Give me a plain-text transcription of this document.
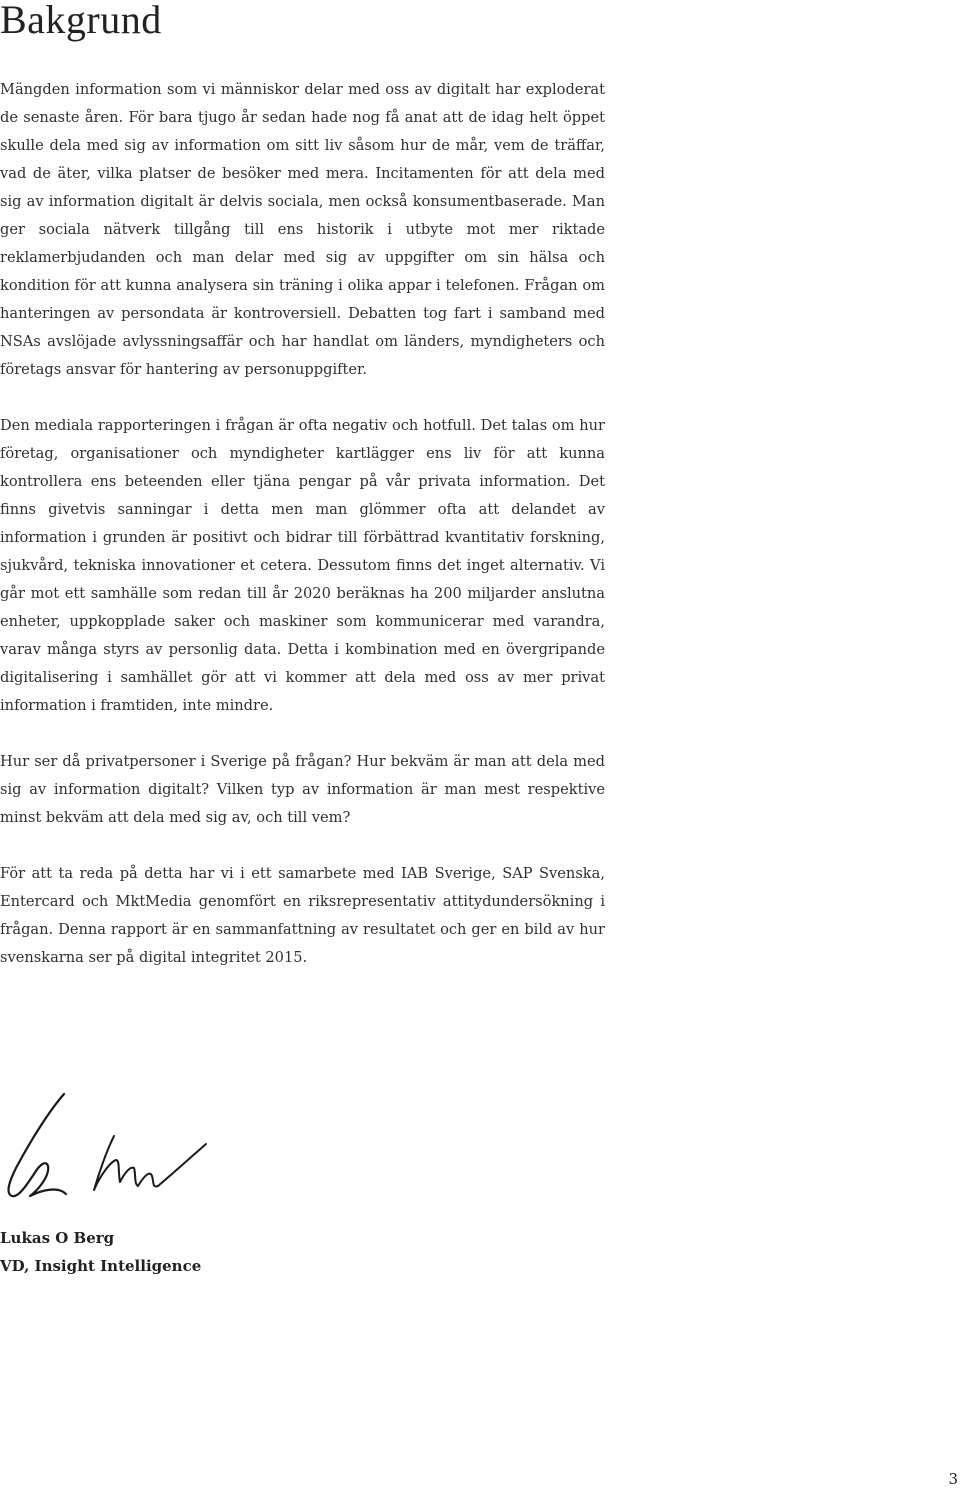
Bakgrund

Mängden information som vi människor delar med oss av digitalt har exploderat de senaste åren. För bara tjugo år sedan hade nog få anat att de idag helt öppet skulle dela med sig av information om sitt liv såsom hur de mår, vem de träffar, vad de äter, vilka platser de besöker med mera. Incitamenten för att dela med sig av information digitalt är delvis sociala, men också konsumentbaserade. Man ger sociala nätverk tillgång till ens historik i utbyte mot mer riktade reklamerbjudanden och man delar med sig av uppgifter om sin hälsa och kondition för att kunna analysera sin träning i olika appar i telefonen. Frågan om hanteringen av persondata är kontroversiell. Debatten tog fart i samband med NSAs avslöjade avlyssningsaffär och har handlat om länders, myndigheters och företags ansvar för hantering av personuppgifter.

Den mediala rapporteringen i frågan är ofta negativ och hotfull. Det talas om hur företag, organisationer och myndigheter kartlägger ens liv för att kunna kontrollera ens beteenden eller tjäna pengar på vår privata information. Det finns givetvis sanningar i detta men man glömmer ofta att delandet av information i grunden är positivt och bidrar till förbättrad kvantitativ forskning, sjukvård, tekniska innovationer et cetera. Dessutom finns det inget alternativ. Vi går mot ett samhälle som redan till år 2020 beräknas ha 200 miljarder anslutna enheter, uppkopplade saker och maskiner som kommunicerar med varandra, varav många styrs av personlig data. Detta i kombination med en övergripande digitalisering i samhället gör att vi kommer att dela med oss av mer privat information i framtiden, inte mindre.

Hur ser då privatpersoner i Sverige på frågan? Hur bekväm är man att dela med sig av information digitalt? Vilken typ av information är man mest respektive minst bekväm att dela med sig av, och till vem?

För att ta reda på detta har vi i ett samarbete med IAB Sverige, SAP Svenska, Entercard och MktMedia genomfört en riksrepresentativ attitydundersökning i frågan. Denna rapport är en sammanfattning av resultatet och ger en bild av hur svenskarna ser på digital integritet 2015.

Lukas O Berg
VD, Insight Intelligence
3
